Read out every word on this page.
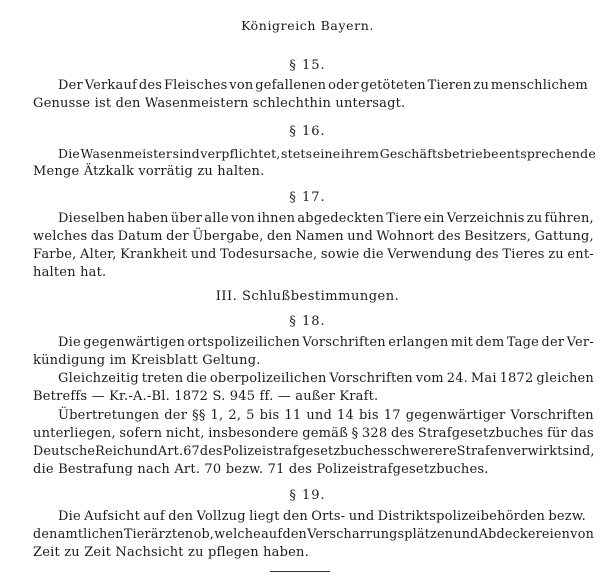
Königreich Bayern.
§ 15.
Der Verkauf des Fleisches von gefallenen oder getöteten Tieren zu menschlichem
Genusse ist den Wasenmeistern schlechthin untersagt.
§ 16.
Die Wasenmeister sind verpflichtet, stets eine ihrem Geschäftsbetriebe entsprechende
Menge Ätzkalk vorrätig zu halten.
§ 17.
Dieselben haben über alle von ihnen abgedeckten Tiere ein Verzeichnis zu führen,
welches das Datum der Übergabe, den Namen und Wohnort des Besitzers, Gattung,
Farbe, Alter, Krankheit und Todesursache, sowie die Verwendung des Tieres zu ent-
halten hat.
III. Schlußbestimmungen.
§ 18.
Die gegenwärtigen ortspolizeilichen Vorschriften erlangen mit dem Tage der Ver-
kündigung im Kreisblatt Geltung.
Gleichzeitig treten die oberpolizeilichen Vorschriften vom 24. Mai 1872 gleichen
Betreffs — Kr.-A.-Bl. 1872 S. 945 ff. — außer Kraft.
Übertretungen der §§ 1, 2, 5 bis 11 und 14 bis 17 gegenwärtiger Vorschriften
unterliegen, sofern nicht, insbesondere gemäß § 328 des Strafgesetzbuches für das
Deutsche Reich und Art. 67 des Polizeistrafgesetzbuches schwerere Strafen verwirkt sind,
die Bestrafung nach Art. 70 bezw. 71 des Polizeistrafgesetzbuches.
§ 19.
Die Aufsicht auf den Vollzug liegt den Orts- und Distriktspolizeibehörden bezw.
den amtlichen Tierärzten ob, welche auf den Verscharrungsplätzen und Abdeckereien von
Zeit zu Zeit Nachsicht zu pflegen haben.
